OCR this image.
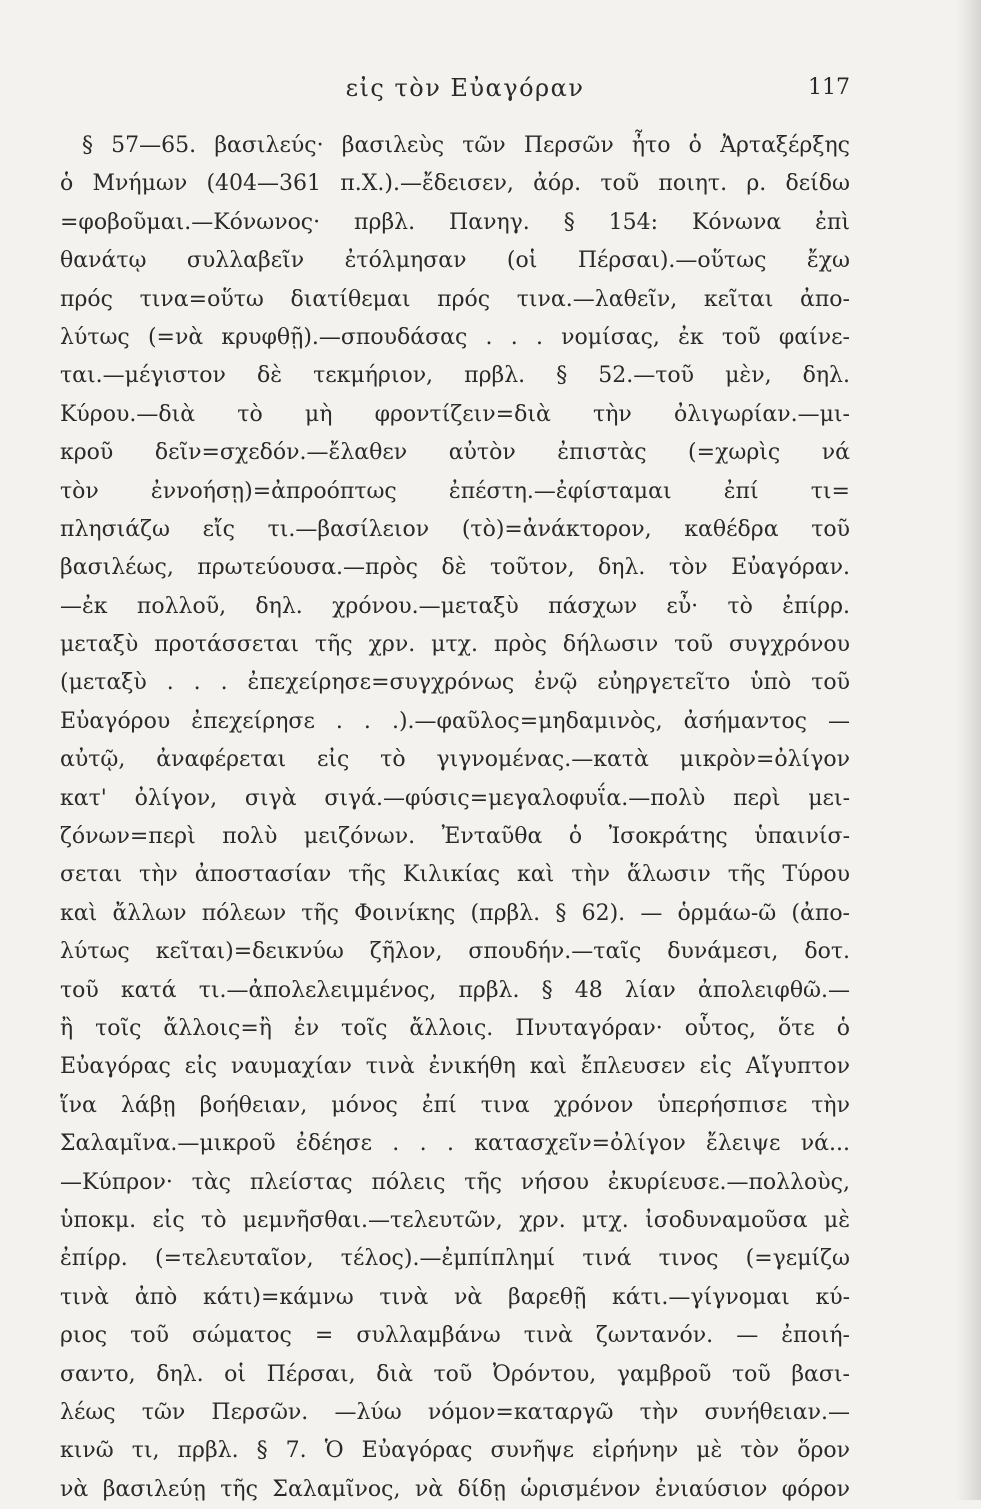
εἰς τὸν Εὐαγόραν	117
§ 57—65. βασιλεύς· βασιλεὺς τῶν Περσῶν ἦτο ὁ Ἀρταξέρξης
ὁ Μνήμων (404—361 π.Χ.).—ἔδεισεν, ἀόρ. τοῦ ποιητ. ρ. δείδω
=φοβοῦμαι.—Κόνωνος· πρβλ. Πανηγ. § 154: Κόνωνα ἐπὶ
θανάτῳ συλλαβεῖν ἐτόλμησαν (οἱ Πέρσαι).—οὕτως ἔχω
πρός τινα=οὕτω διατίθεμαι πρός τινα.—λαθεῖν, κεῖται ἀπο-
λύτως (=νὰ κρυφθῇ).—σπουδάσας . . . νομίσας, ἐκ τοῦ φαίνε-
ται.—μέγιστον δὲ τεκμήριον, πρβλ. § 52.—τοῦ μὲν, δηλ.
Κύρου.—διὰ τὸ μὴ φροντίζειν=διὰ τὴν ὀλιγωρίαν.—μι-
κροῦ δεῖν=σχεδόν.—ἔλαθεν αὐτὸν ἐπιστὰς (=χωρὶς νά
τὸν ἐννοήσῃ)=ἀπροόπτως ἐπέστη.—ἐφίσταμαι ἐπί τι=
πλησιάζω εἴς τι.—βασίλειον (τὸ)=ἀνάκτορον, καθέδρα τοῦ
βασιλέως, πρωτεύουσα.—πρὸς δὲ τοῦτον, δηλ. τὸν Εὐαγόραν.
—ἐκ πολλοῦ, δηλ. χρόνου.—μεταξὺ πάσχων εὖ· τὸ ἐπίρρ.
μεταξὺ προτάσσεται τῆς χρν. μτχ. πρὸς δήλωσιν τοῦ συγχρόνου
(μεταξὺ . . . ἐπεχείρησε=συγχρόνως ἐνῷ εὐηργετεῖτο ὑπὸ τοῦ
Εὐαγόρου ἐπεχείρησε . . .).—φαῦλος=μηδαμινὸς, ἀσήμαντος —
αὐτῷ, ἀναφέρεται εἰς τὸ γιγνομένας.—κατὰ μικρὸν=ὀλίγον
κατ' ὀλίγον, σιγὰ σιγά.—φύσις=μεγαλοφυΐα.—πολὺ περὶ μει-
ζόνων=περὶ πολὺ μειζόνων. Ἐνταῦθα ὁ Ἰσοκράτης ὑπαινίσ-
σεται τὴν ἀποστασίαν τῆς Κιλικίας καὶ τὴν ἅλωσιν τῆς Τύρου
καὶ ἄλλων πόλεων τῆς Φοινίκης (πρβλ. § 62). — ὁρμάω-ῶ (ἀπο-
λύτως κεῖται)=δεικνύω ζῆλον, σπουδήν.—ταῖς δυνάμεσι, δοτ.
τοῦ κατά τι.—ἀπολελειμμένος, πρβλ. § 48 λίαν ἀπολειφθῶ.—
ἢ τοῖς ἄλλοις=ἢ ἐν τοῖς ἄλλοις. Πνυταγόραν· οὗτος, ὅτε ὁ
Εὐαγόρας εἰς ναυμαχίαν τινὰ ἐνικήθη καὶ ἔπλευσεν εἰς Αἴγυπτον
ἵνα λάβῃ βοήθειαν, μόνος ἐπί τινα χρόνον ὑπερήσπισε τὴν
Σαλαμῖνα.—μικροῦ ἐδέησε . . . κατασχεῖν=ὀλίγον ἔλειψε νά...
—Κύπρον· τὰς πλείστας πόλεις τῆς νήσου ἐκυρίευσε.—πολλοὺς,
ὑποκμ. εἰς τὸ μεμνῆσθαι.—τελευτῶν, χρν. μτχ. ἰσοδυναμοῦσα μὲ
ἐπίρρ. (=τελευταῖον, τέλος).—ἐμπίπλημί τινά τινος (=γεμίζω
τινὰ ἀπὸ κάτι)=κάμνω τινὰ νὰ βαρεθῇ κάτι.—γίγνομαι κύ-
ριος τοῦ σώματος = συλλαμβάνω τινὰ ζωντανόν. — ἐποιή-
σαντο, δηλ. οἱ Πέρσαι, διὰ τοῦ Ὀρόντου, γαμβροῦ τοῦ βασι-
λέως τῶν Περσῶν. —λύω νόμον=καταργῶ τὴν συνήθειαν.—
κινῶ τι, πρβλ. § 7. Ὁ Εὐαγόρας συνῆψε εἰρήνην μὲ τὸν ὅρον
νὰ βασιλεύῃ τῆς Σαλαμῖνος, νὰ δίδῃ ὡρισμένον ἐνιαύσιον φόρον
